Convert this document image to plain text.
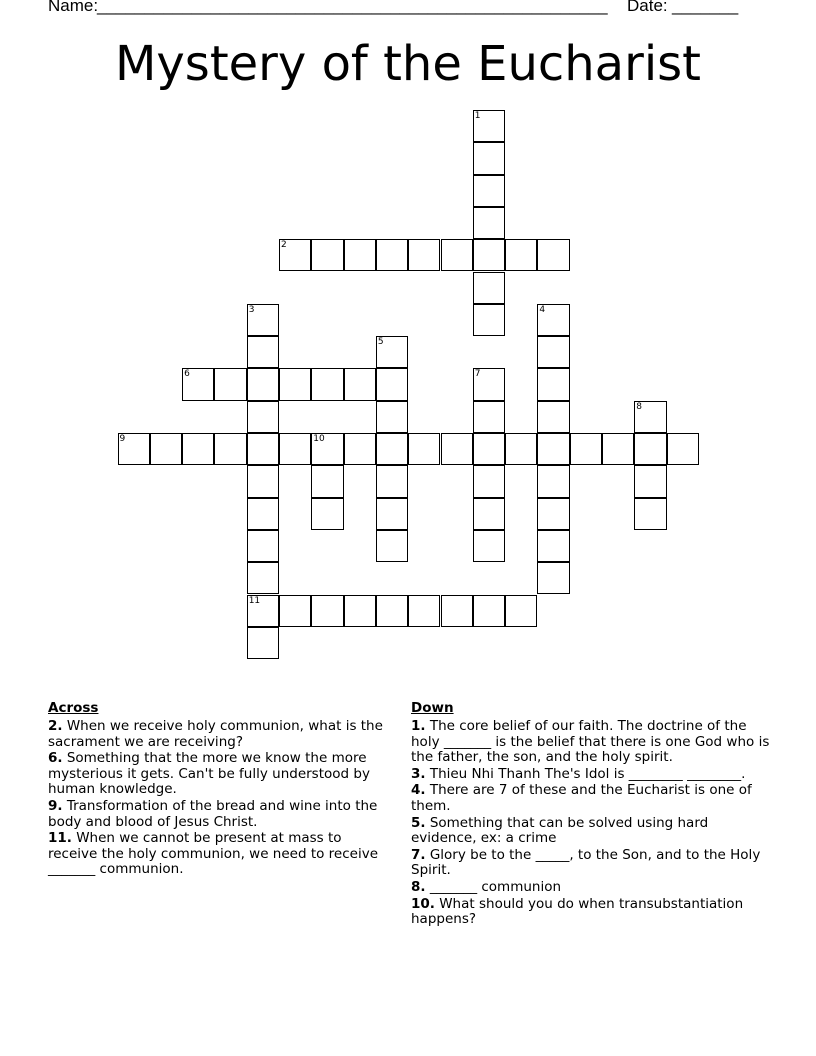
Name:
______________________________________________________ Date: _______
Mystery of the Eucharist
1
2
3
11
4
5
6	7
8
9	10
Across
2. When we receive holy communion, what is the sacrament we are receiving?
6. Something that the more we know the more mysterious it gets. Can't be fully understood by human knowledge.
9. Transformation of the bread and wine into the body and blood of Jesus Christ.
11. When we cannot be present at mass to receive the holy communion, we need to receive _______ communion.
Down
1. The core belief of our faith. The doctrine of the holy _______ is the belief that there is one God who is the father, the son, and the holy spirit.
3. Thieu Nhi Thanh The's Idol is ________ ________.
4. There are 7 of these and the Eucharist is one of them.
5. Something that can be solved using hard evidence, ex: a crime
7. Glory be to the _____, to the Son, and to the Holy Spirit.
8. _______ communion
10. What should you do when transubstantiation happens?
